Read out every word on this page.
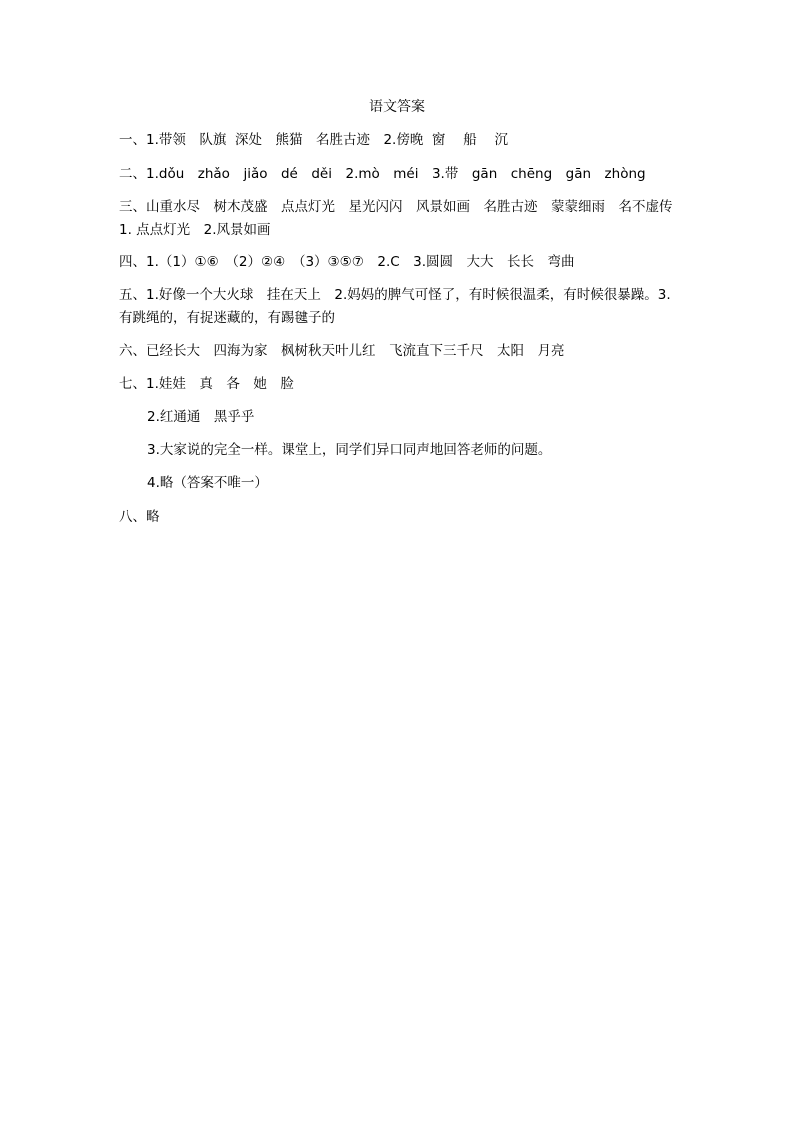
语文答案
一、1.带领　队旗  深处　熊猫　名胜古迹　2.傍晚  窗　 船　 沉
二、1.dǒu　zhǎo　jiǎo　dé　děi　2.mò　méi　3.带　gān　chēng　gān　zhòng
三、山重水尽　树木茂盛　点点灯光　星光闪闪　风景如画　名胜古迹　蒙蒙细雨　名不虚传  1. 点点灯光　2.风景如画
四、1.（1）①⑥　（2）②④　（3）③⑤⑦　2.C　3.圆圆　大大　长长　弯曲
五、1.好像一个大火球　挂在天上　2.妈妈的脾气可怪了，有时候很温柔，有时候很暴躁。3.有跳绳的，有捉迷藏的，有踢毽子的
六、已经长大　四海为家　枫树秋天叶儿红　飞流直下三千尺　太阳　月亮
七、1.娃娃　真　各　她　脸
2.红通通　黑乎乎
3.大家说的完全一样。课堂上，同学们异口同声地回答老师的问题。
4.略（答案不唯一）
八、略
